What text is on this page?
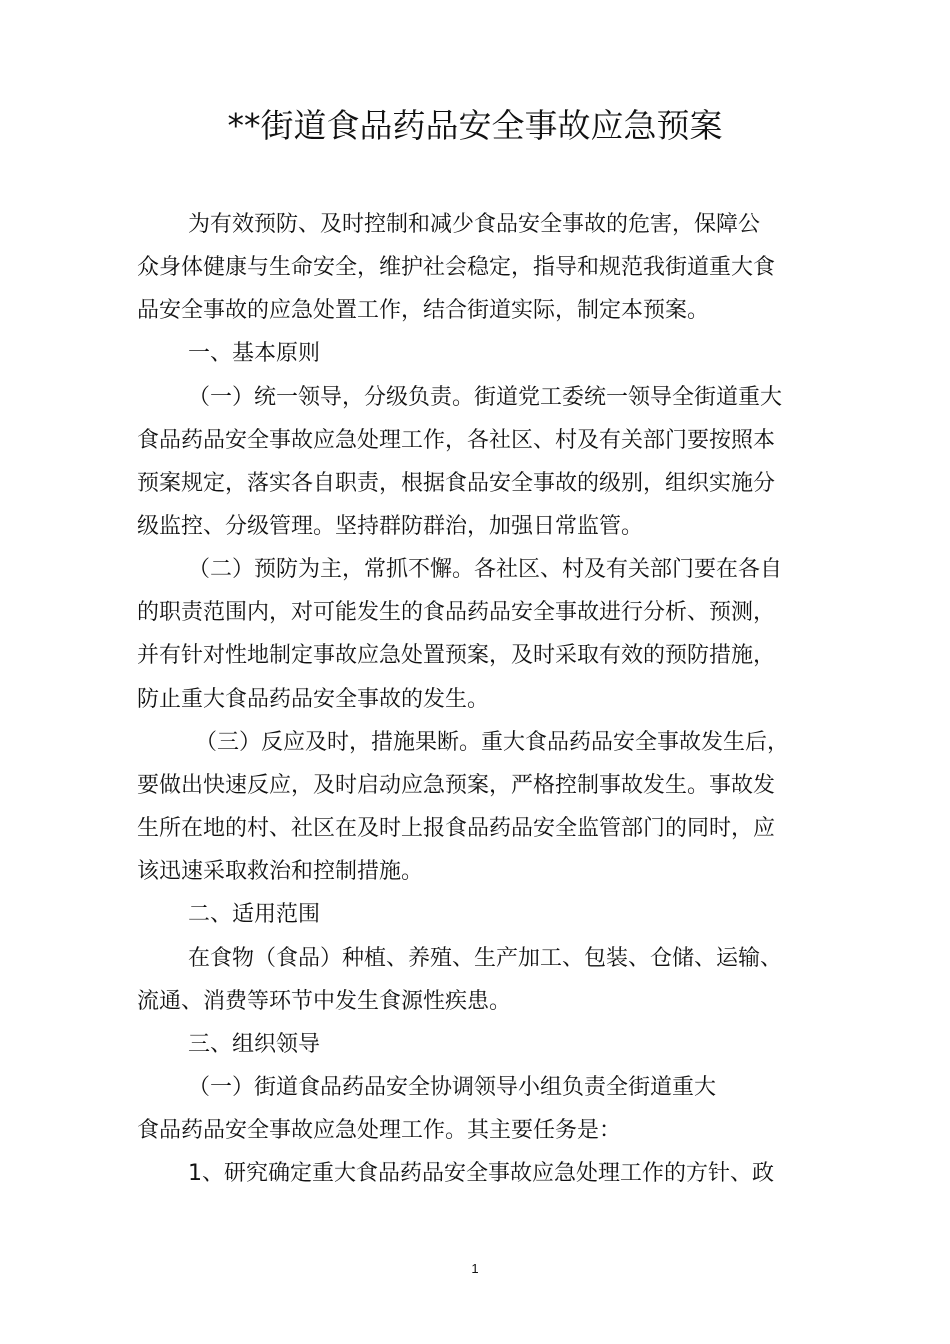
**街道食品药品安全事故应急预案

为有效预防、及时控制和减少食品安全事故的危害，保障公

众身体健康与生命安全，维护社会稳定，指导和规范我街道重大食

品安全事故的应急处置工作，结合街道实际，制定本预案。

一、基本原则

（一）统一领导，分级负责。街道党工委统一领导全街道重大

食品药品安全事故应急处理工作，各社区、村及有关部门要按照本

预案规定，落实各自职责，根据食品安全事故的级别，组织实施分

级监控、分级管理。坚持群防群治，加强日常监管。

（二）预防为主，常抓不懈。各社区、村及有关部门要在各自

的职责范围内，对可能发生的食品药品安全事故进行分析、预测，

并有针对性地制定事故应急处置预案，及时采取有效的预防措施，

防止重大食品药品安全事故的发生。

（三）反应及时，措施果断。重大食品药品安全事故发生后，

要做出快速反应，及时启动应急预案，严格控制事故发生。事故发

生所在地的村、社区在及时上报食品药品安全监管部门的同时，应

该迅速采取救治和控制措施。

二、适用范围

在食物（食品）种植、养殖、生产加工、包装、仓储、运输、

流通、消费等环节中发生食源性疾患。

三、组织领导

（一）街道食品药品安全协调领导小组负责全街道重大

食品药品安全事故应急处理工作。其主要任务是：

1、研究确定重大食品药品安全事故应急处理工作的方针、政

1
